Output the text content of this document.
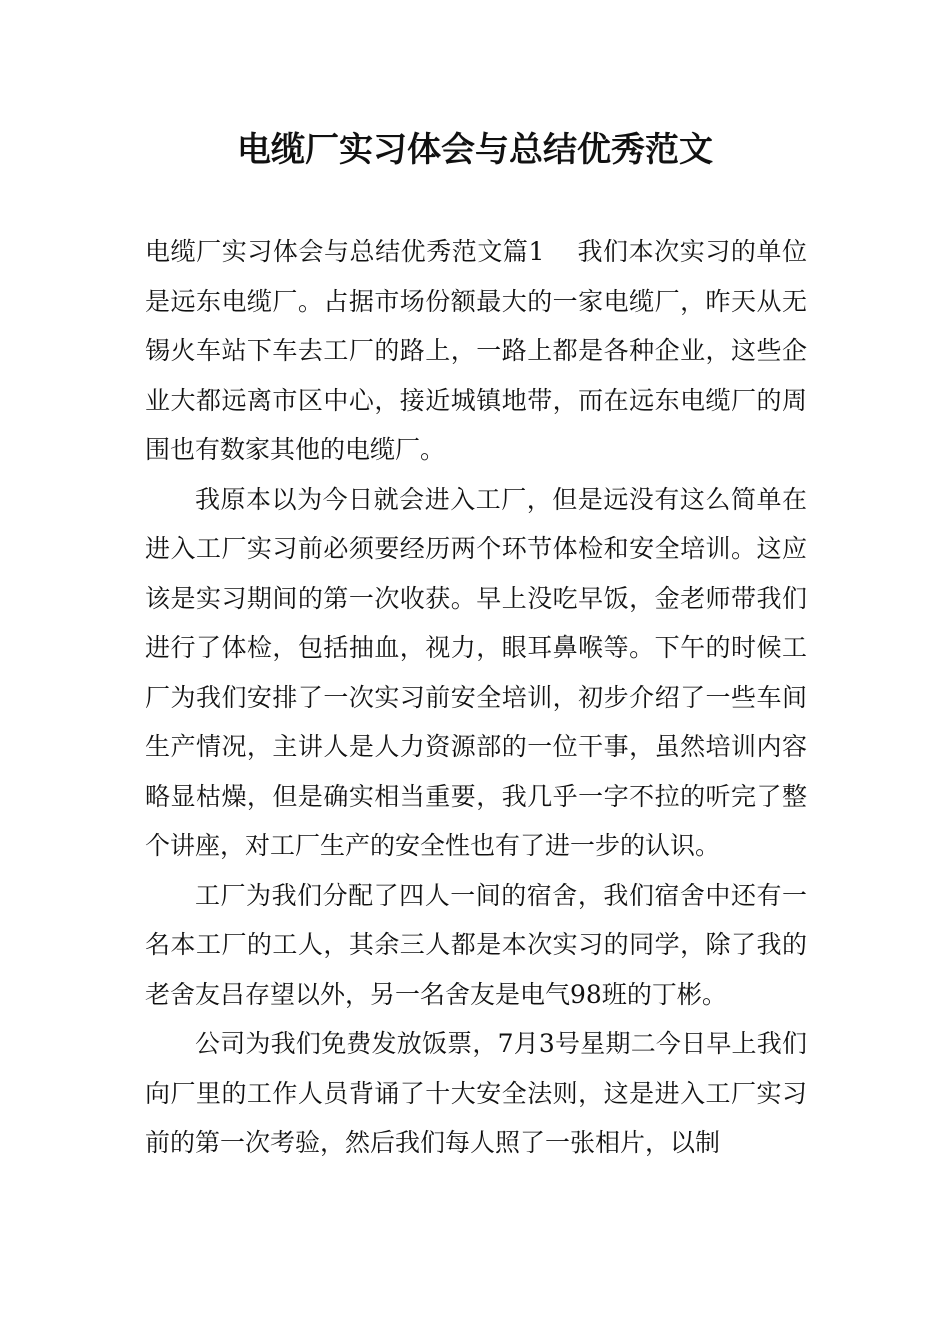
电缆厂实习体会与总结优秀范文

电缆厂实习体会与总结优秀范文篇1 我们本次实习的单位是远东电缆厂。占据市场份额最大的一家电缆厂，昨天从无锡火车站下车去工厂的路上，一路上都是各种企业，这些企业大都远离市区中心，接近城镇地带，而在远东电缆厂的周围也有数家其他的电缆厂。

我原本以为今日就会进入工厂，但是远没有这么简单在进入工厂实习前必须要经历两个环节体检和安全培训。这应该是实习期间的第一次收获。早上没吃早饭，金老师带我们进行了体检，包括抽血，视力，眼耳鼻喉等。下午的时候工厂为我们安排了一次实习前安全培训，初步介绍了一些车间生产情况，主讲人是人力资源部的一位干事，虽然培训内容略显枯燥，但是确实相当重要，我几乎一字不拉的听完了整个讲座，对工厂生产的安全性也有了进一步的认识。

工厂为我们分配了四人一间的宿舍，我们宿舍中还有一名本工厂的工人，其余三人都是本次实习的同学，除了我的老舍友吕存望以外，另一名舍友是电气98班的丁彬。

公司为我们免费发放饭票，7月3号星期二今日早上我们向厂里的工作人员背诵了十大安全法则，这是进入工厂实习前的第一次考验，然后我们每人照了一张相片，以制
